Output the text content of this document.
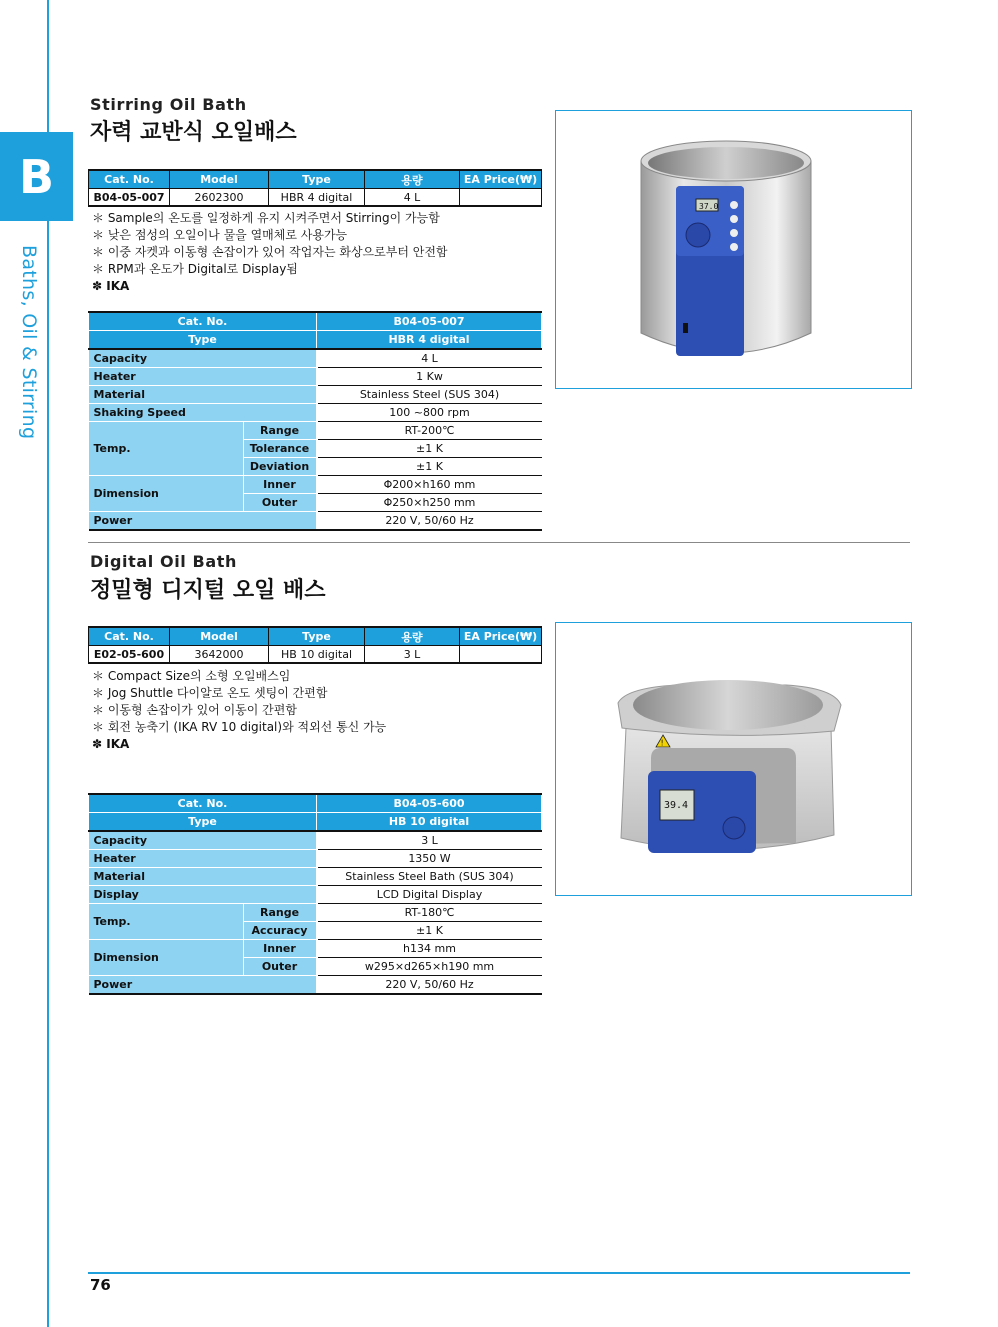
B
Baths, Oil & Stirring
Stirring Oil Bath
자력 교반식 오일배스
Cat. No.	Model	Type	용량	EA Price(₩)
B04-05-007	2602300	HBR 4 digital	4 L	
＊ Sample의 온도를 일정하게 유지 시켜주면서 Stirring이 가능함
＊ 낮은 점성의 오일이나 물을 열매체로 사용가능
＊ 이중 자켓과 이동형 손잡이가 있어 작업자는 화상으로부터 안전함
＊ RPM과 온도가 Digital로 Display됨
✽ IKA
Cat. No.		B04-05-007
Type		HBR 4 digital
Capacity		4 L
Heater		1 Kw
Material		Stainless Steel (SUS 304)
Shaking Speed		100 ~800 rpm
Temp.	Range	RT-200℃
	Tolerance	±1 K
	Deviation	±1 K
Dimension	Inner	Φ200×h160 mm
	Outer	Φ250×h250 mm
Power		220 V, 50/60 Hz
37.0
Digital Oil Bath
정밀형 디지털 오일 배스
Cat. No.	Model	Type	용량	EA Price(₩)
E02-05-600	3642000	HB 10 digital	3 L	
＊ Compact Size의 소형 오일배스임
＊ Jog Shuttle 다이알로 온도 셋팅이 간편함
＊ 이동형 손잡이가 있어 이동이 간편함
＊ 회전 농축기 (IKA RV 10 digital)와 적외선 통신 가능
✽ IKA
Cat. No.		B04-05-600
Type		HB 10 digital
Capacity		3 L
Heater		1350 W
Material		Stainless Steel Bath (SUS 304)
Display		LCD Digital Display
Temp.	Range	RT-180℃
	Accuracy	±1 K
Dimension	Inner	h134 mm
	Outer	w295×d265×h190 mm
Power		220 V, 50/60 Hz
39.4
!
76
